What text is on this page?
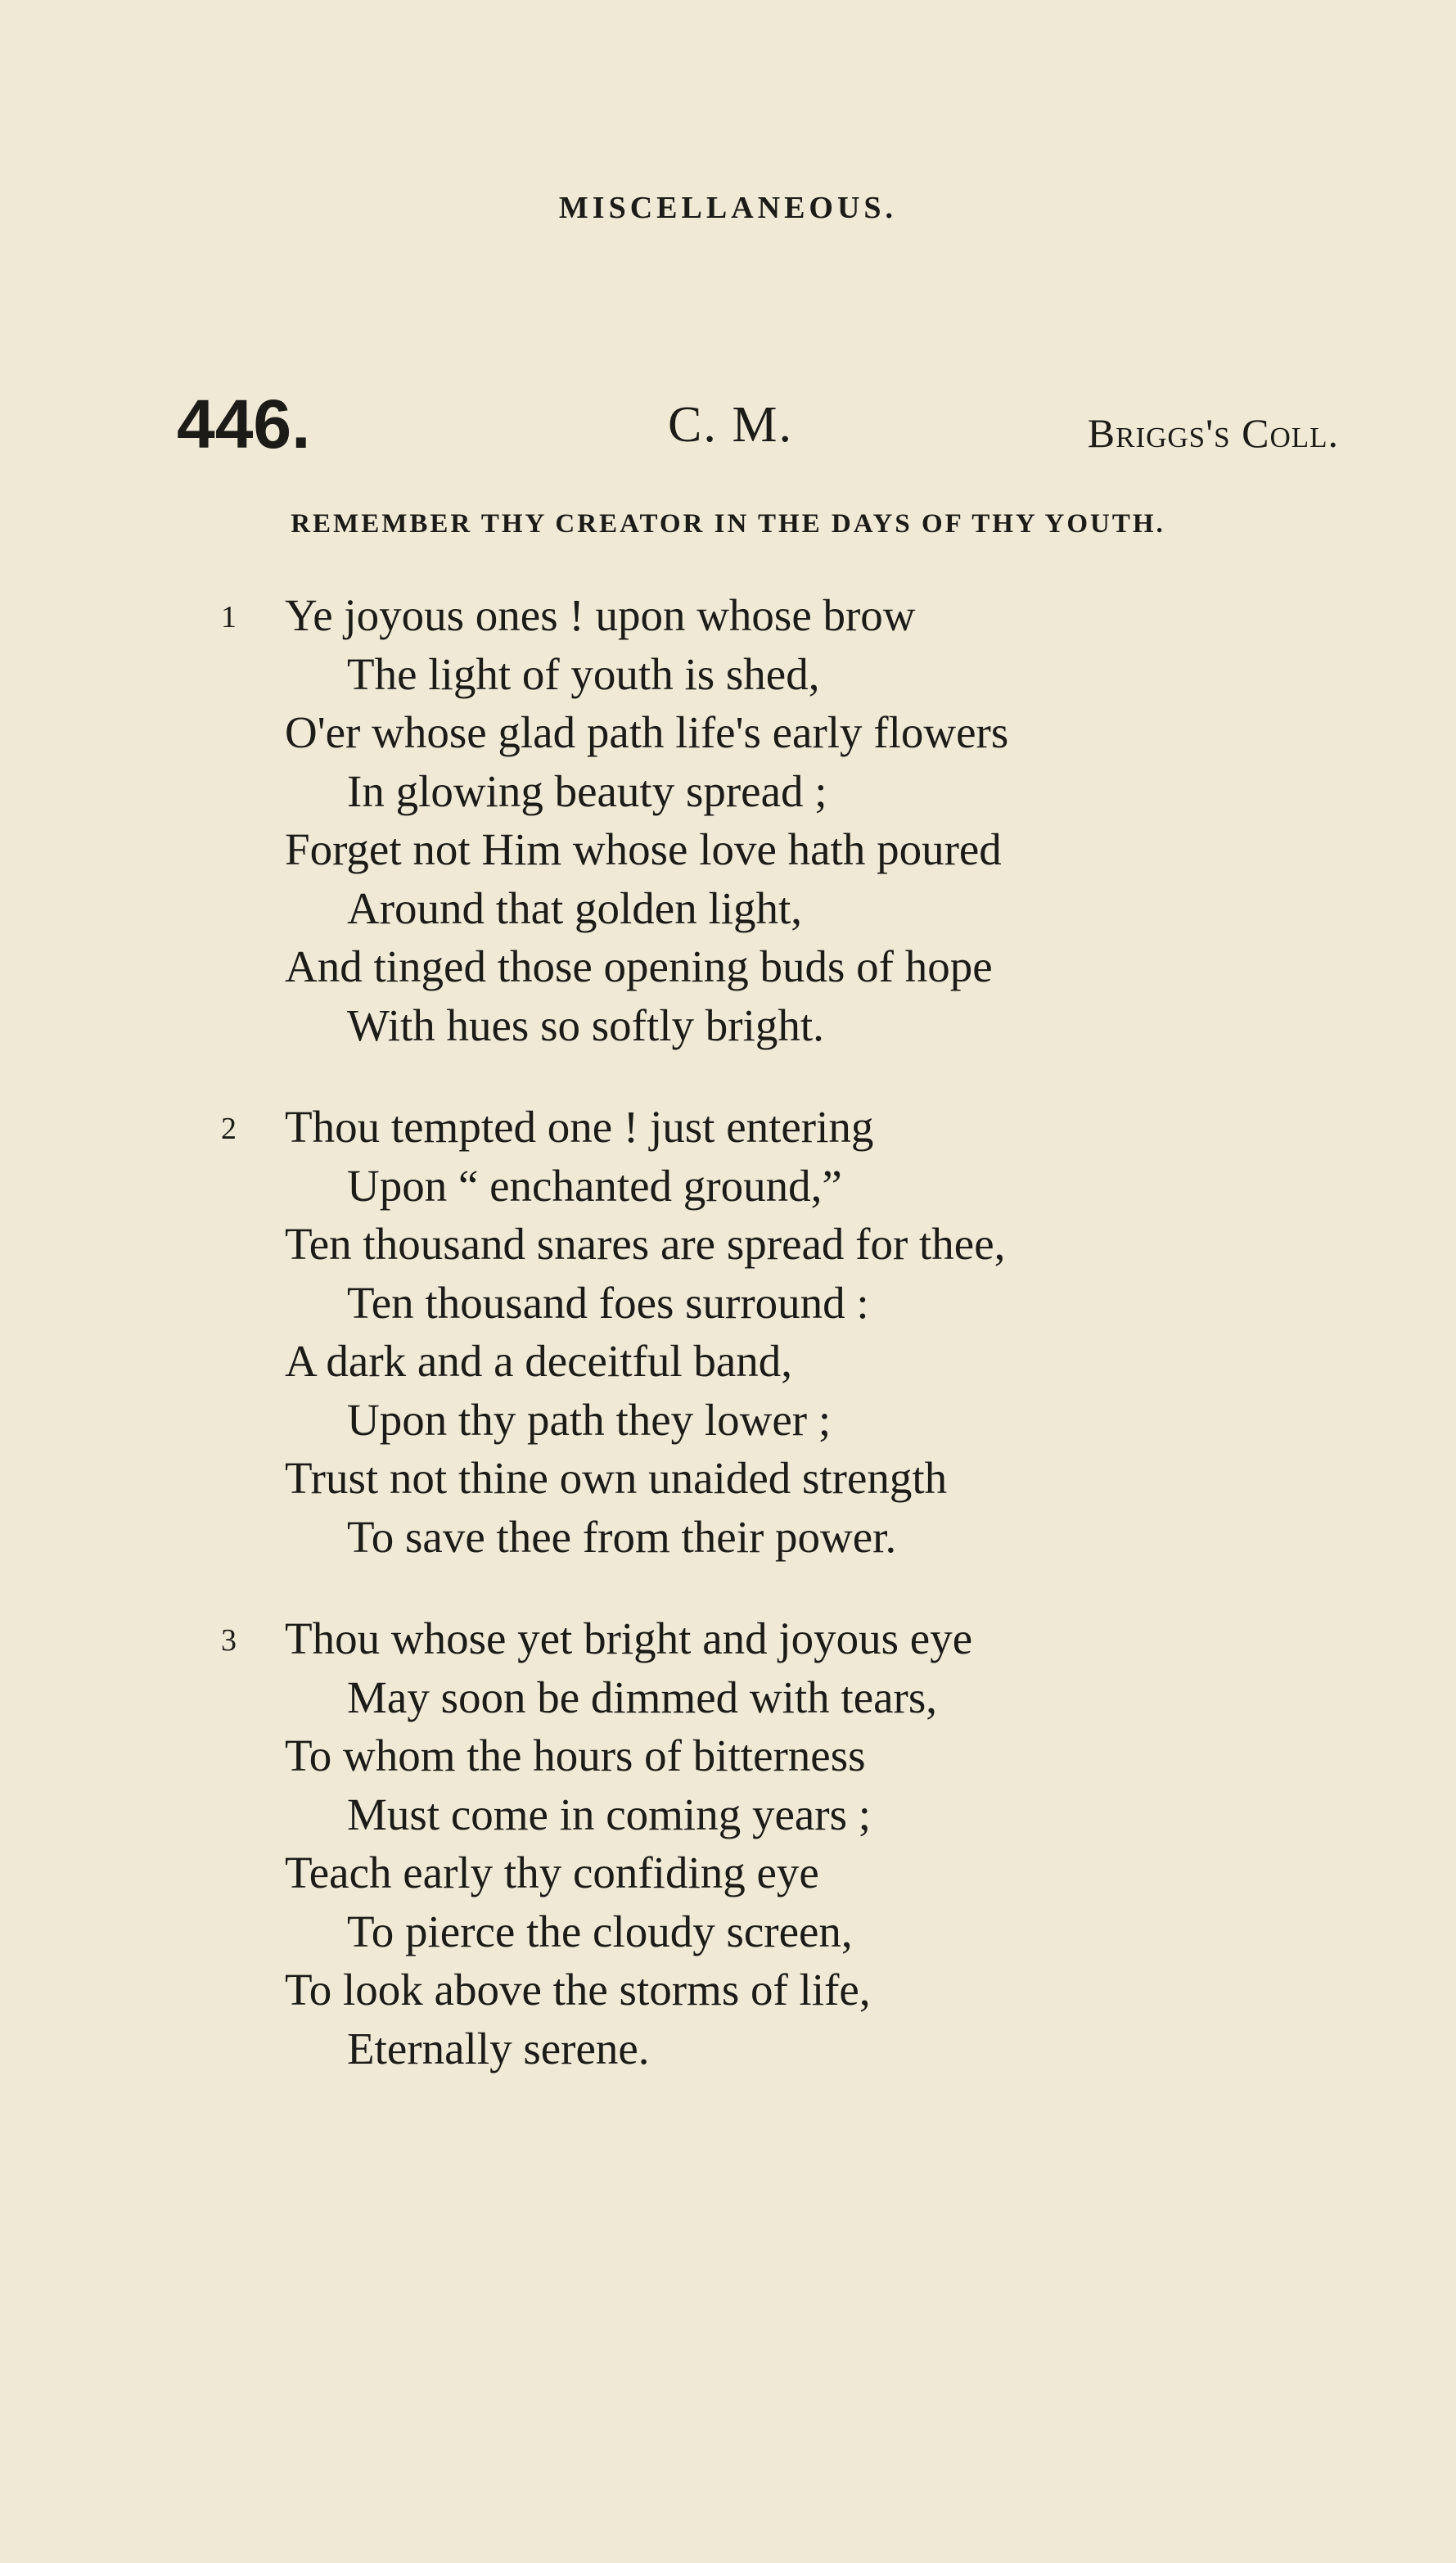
MISCELLANEOUS.
446.	C. M.	Briggs's Coll.
REMEMBER THY CREATOR IN THE DAYS OF THY YOUTH.
1	Ye joyous ones ! upon whose brow
The light of youth is shed,
O'er whose glad path life's early flowers
In glowing beauty spread ;
Forget not Him whose love hath poured
Around that golden light,
And tinged those opening buds of hope
With hues so softly bright.
2	Thou tempted one ! just entering
Upon “ enchanted ground,”
Ten thousand snares are spread for thee,
Ten thousand foes surround :
A dark and a deceitful band,
Upon thy path they lower ;
Trust not thine own unaided strength
To save thee from their power.
3	Thou whose yet bright and joyous eye
May soon be dimmed with tears,
To whom the hours of bitterness
Must come in coming years ;
Teach early thy confiding eye
To pierce the cloudy screen,
To look above the storms of life,
Eternally serene.
